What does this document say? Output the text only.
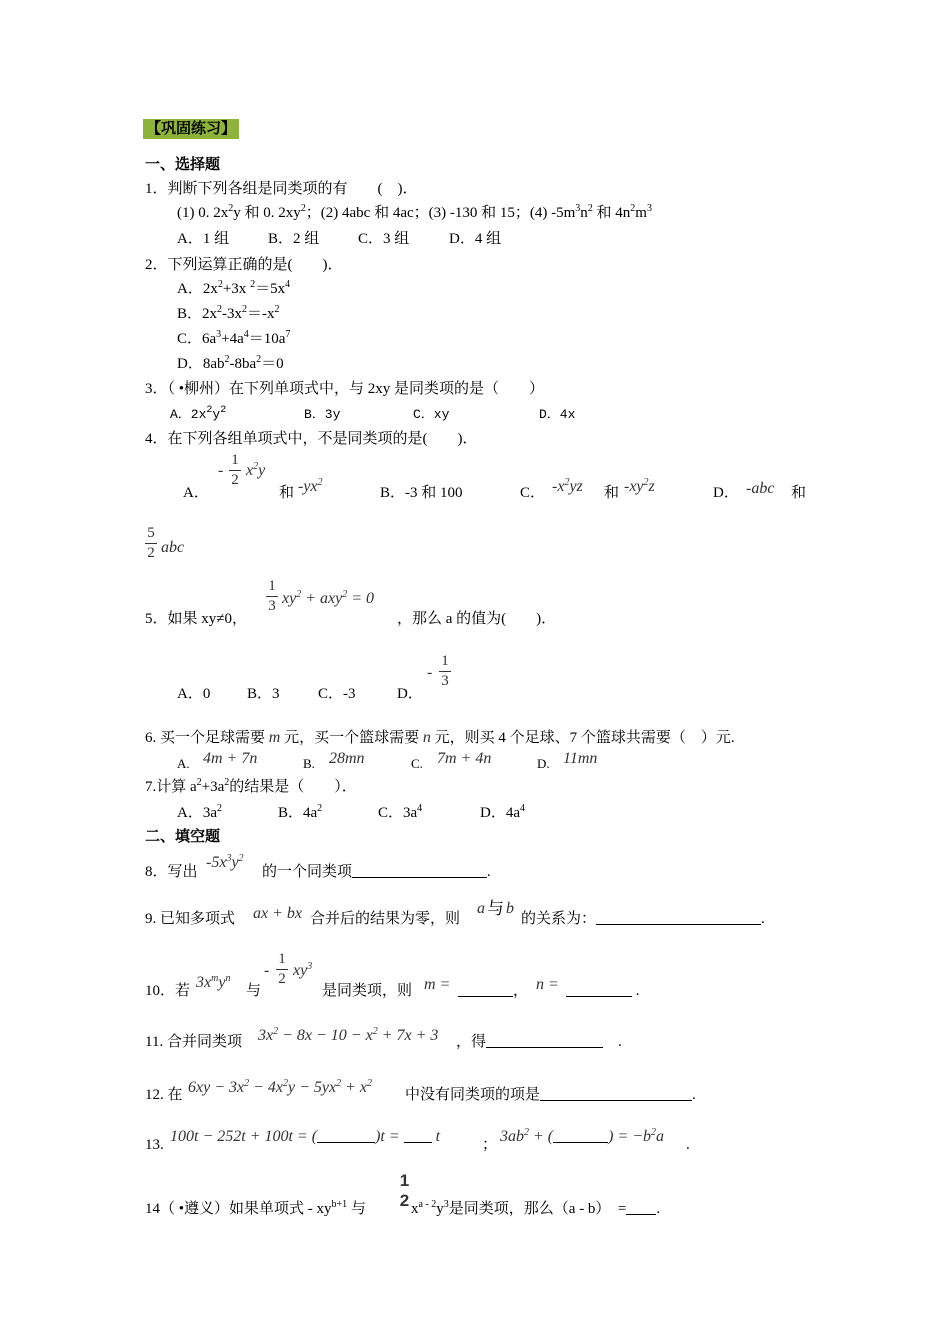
【巩固练习】
一、选择题
1．判断下列各组是同类项的有　　(　)．
(1) 0. $2x^2y$ 和 0. $2xy^2$；(2) 4abc 和 4ac；(3) -130 和 15；(4) $-5m^3n^2$ 和 $4n^2m^3$
A．1 组	B．2 组	C．3 组	D．4 组
2．下列运算正确的是(　　)．
A．$2x^2+3x$ $^2=5x^4$
B．$2x^2-3x^2=-x^2$
C．$6a^3+4a^4=10a^7$
D．$8ab^2-8ba^2=0$
3．（ •柳州）在下列单项式中，与 2xy 是同类项的是（　　）
A．$2x^2y^2$	B．3y	C．xy	D．4x
4．在下列各组单项式中，不是同类项的是(　　)．
A．
-
1
2
$x^2y$
和 $-yx^2$
B．-3 和 100	C． $-x^2yz$ 和 $-xy^2z$	D． -abc 和
5
2 abc
5．如果 xy≠0，
1
3 $xy^2 + axy^2 = 0$
，那么 a 的值为(　　)．
A．0 B．3	C．-3	D．
-
1
3
6. 买一个足球需要 m 元，买一个篮球需要 n 元，则买 4 个足球、7 个篮球共需要（　）元.
A. 4m + 7n	B. 28mn	C. 7m + 4n	D. 11mn
7.计算 $a^2+3a^2$的结果是（　　）．
A．$3a^2$	B．$4a^2$	C．$3a^4$	D．$4a^4$
二、填空题
8．写出
$-5x^3y^2$
的一个同类项	.
9. 已知多项式 ax + bx 合并后的结果为零，则
a 与 b
的关系为：	.
10．若 $3x^my^n$
与
-
1
2 $xy^3$
是同类项，则 m =	， n =	.
11. 合并同类项 $3x^2 - 8x - 10 - x^2 + 7x + 3$ ，得　	.
12. 在 $6xy - 3x^2 - 4x^2y - 5yx^2 + x^2$
中没有同类项的项是	.
13. 100t − 252t + 100t = (	)t =  t	； $3ab^2$ + (	) = $-b^2a$ .
14（ •遵义）如果单项式 - $xy^{b+1}$ 与
1
2 $x^{a - 2}y^3$是同类项，那么（a - b）　= .
